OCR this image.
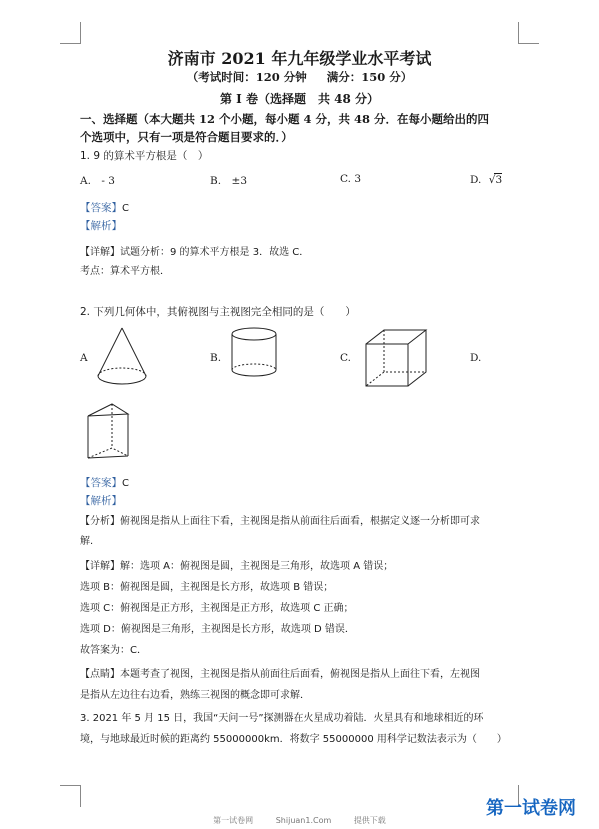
济南市 2021 年九年级学业水平考试
（考试时间：120 分钟 满分：150 分）
第 I 卷（选择题　共 48 分）
一、选择题（本大题共 12 个小题，每小题 4 分，共 48 分．在每小题给出的四
个选项中，只有一项是符合题目要求的．）
1. 9 的算术平方根是（　）
A.　- 3	B.　±3	C. 3	D. √3
【答案】C
【解析】
【详解】试题分析：9 的算术平方根是 3．故选 C．
考点：算术平方根．
2. 下列几何体中，其俯视图与主视图完全相同的是（　　）
A	B.	C.	D.
【答案】C
【解析】
【分析】俯视图是指从上面往下看，主视图是指从前面往后面看，根据定义逐一分析即可求
解.
【详解】解：选项 A：俯视图是圆，主视图是三角形，故选项 A 错误；
选项 B：俯视图是圆，主视图是长方形，故选项 B 错误；
选项 C：俯视图是正方形，主视图是正方形，故选项 C 正确；
选项 D：俯视图是三角形，主视图是长方形，故选项 D 错误．
故答案为：C．
【点睛】本题考查了视图，主视图是指从前面往后面看，俯视图是指从上面往下看，左视图
是指从左边往右边看，熟练三视图的概念即可求解．
3. 2021 年 5 月 15 日，我国“天问一号”探测器在火星成功着陆．火星具有和地球相近的环
境，与地球最近时候的距离约 55000000km．将数字 55000000 用科学记数法表示为（　　）
第一试卷网	Shijuan1.Com	提供下载
第一试卷网
